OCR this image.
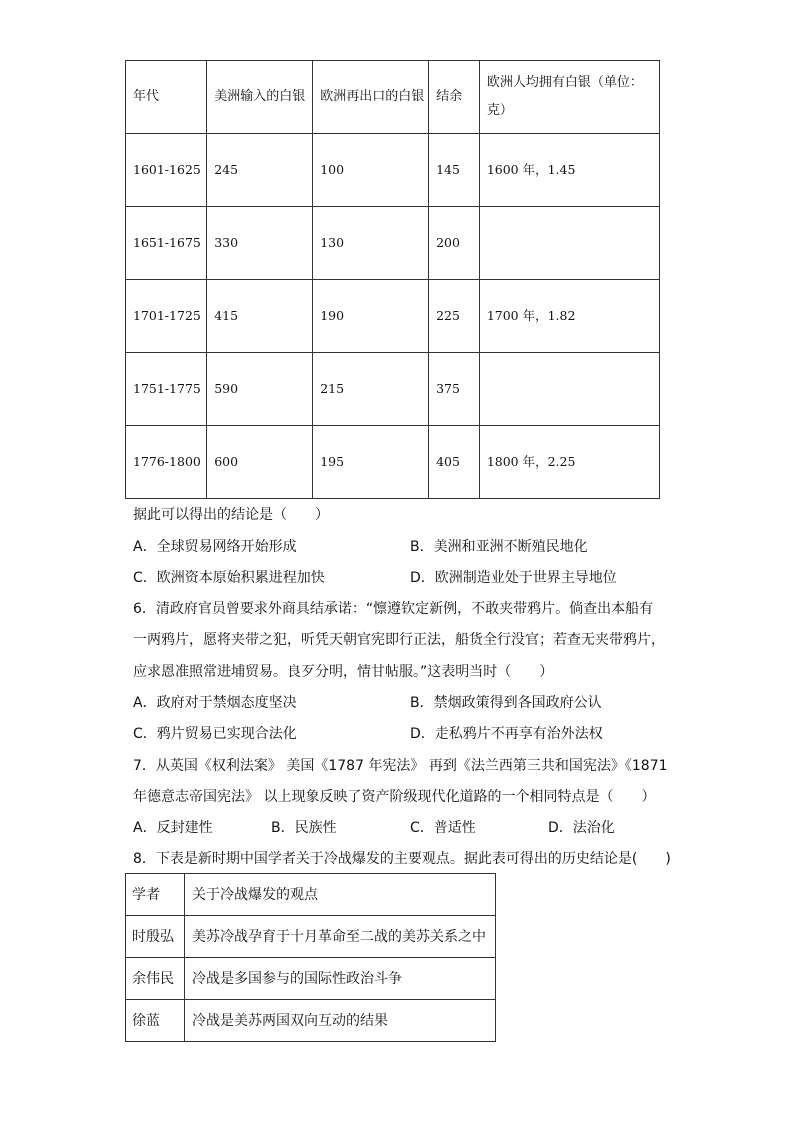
年代	美洲输入的白银	欧洲再出口的白银	结余	欧洲人均拥有白银（单位：克）
1601-1625	245	100	145	1600 年，1.45
1651-1675	330	130	200	
1701-1725	415	190	225	1700 年，1.82
1751-1775	590	215	375	
1776-1800	600	195	405	1800 年，2.25
据此可以得出的结论是（　　）
A．全球贸易网络开始形成	B．美洲和亚洲不断殖民地化
C．欧洲资本原始积累进程加快	D．欧洲制造业处于世界主导地位
6．清政府官员曾要求外商具结承诺：“懔遵钦定新例，不敢夹带鸦片。倘查出本船有
一两鸦片，愿将夹带之犯，听凭天朝官宪即行正法，船货全行没官；若查无夹带鸦片，
应求恩准照常进埔贸易。良歹分明，情甘帖服。”这表明当时（　　）
A．政府对于禁烟态度坚决	B．禁烟政策得到各国政府公认
C．鸦片贸易已实现合法化	D．走私鸦片不再享有治外法权
7．从英国《权利法案》 美国《1787 年宪法》 再到《法兰西第三共和国宪法》《1871
年德意志帝国宪法》 以上现象反映了资产阶级现代化道路的一个相同特点是（　　）
A．反封建性	B．民族性	C．普适性	D．法治化
8．下表是新时期中国学者关于冷战爆发的主要观点。据此表可得出的历史结论是(　　)
学者	关于冷战爆发的观点
时殷弘	美苏冷战孕育于十月革命至二战的美苏关系之中
余伟民	冷战是多国参与的国际性政治斗争
徐蓝	冷战是美苏两国双向互动的结果
